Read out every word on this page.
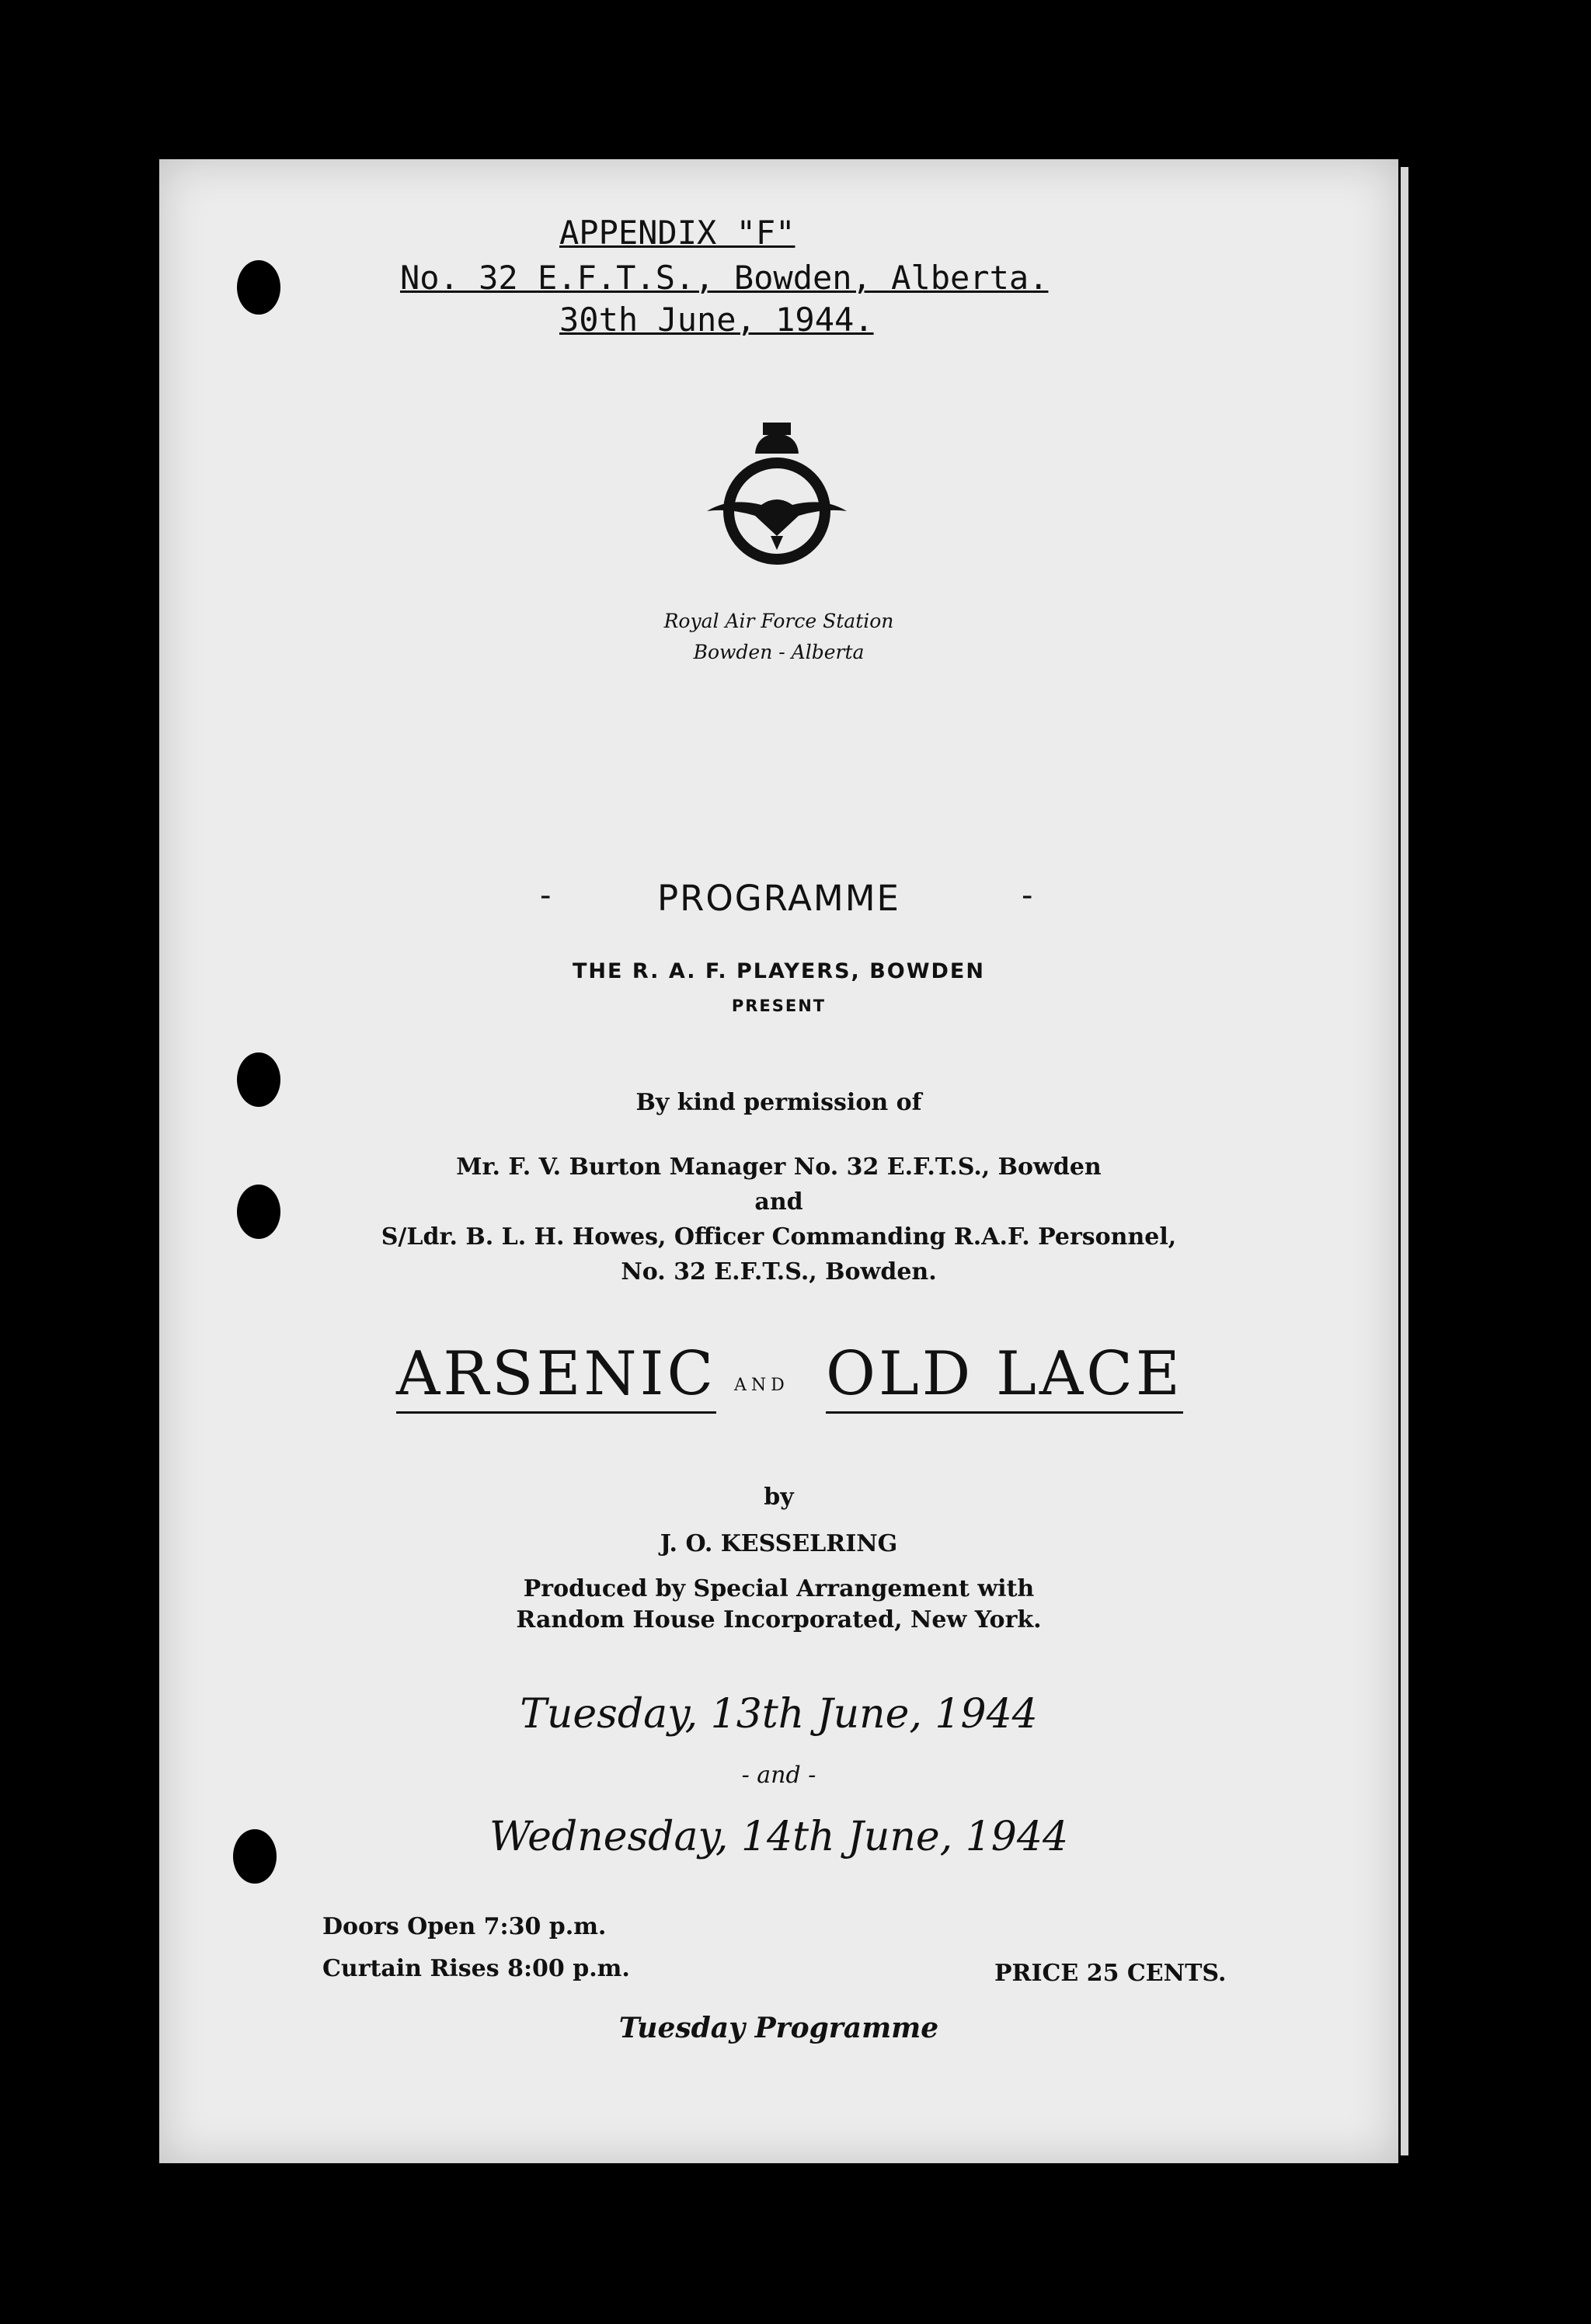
APPENDIX "F"
No. 32 E.F.T.S., Bowden, Alberta.
30th June, 1944.
Royal Air Force Station
Bowden - Alberta
-	PROGRAMME	-
THE R. A. F. PLAYERS, BOWDEN
PRESENT
By kind permission of
Mr. F. V. Burton Manager No. 32 E.F.T.S., Bowden
and
S/Ldr. B. L. H. Howes, Officer Commanding R.A.F. Personnel,
No. 32 E.F.T.S., Bowden.
ARSENIC AND OLD LACE
by
J. O. KESSELRING
Produced by Special Arrangement with
Random House Incorporated, New York.
Tuesday, 13th June, 1944
- and -
Wednesday, 14th June, 1944
Doors Open 7:30 p.m.
Curtain Rises 8:00 p.m.	PRICE 25 CENTS.
Tuesday Programme
